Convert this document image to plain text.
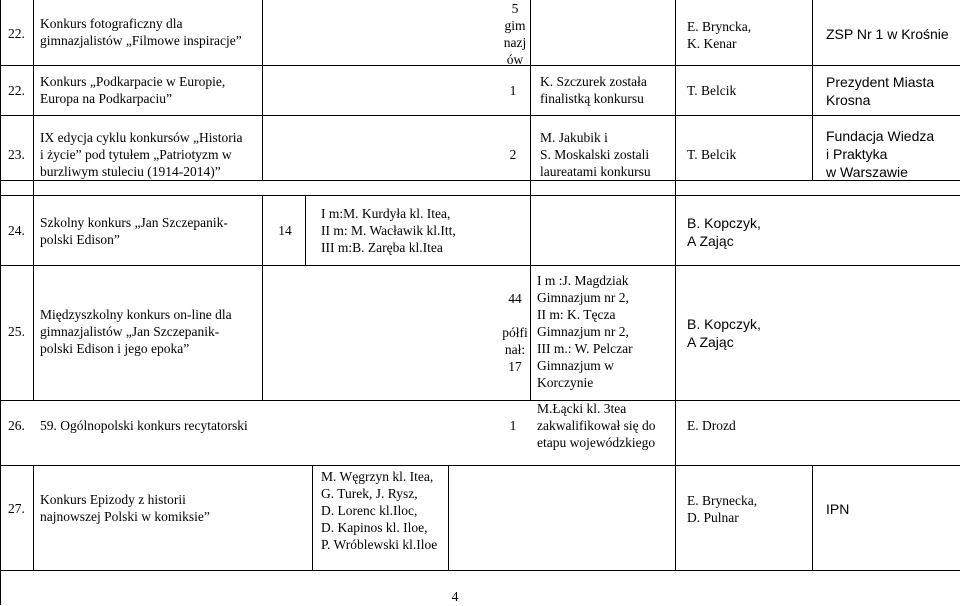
22.
Konkurs fotograficzny dla
gimnazjalistów „Filmowe inspiracje”
5
gim
nazj
ów
E. Bryncka,
K. Kenar
ZSP Nr 1 w Krośnie
22.
Konkurs „Podkarpacie w Europie,
Europa na Podkarpaciu”
1
K. Szczurek została
finalistką konkursu
T. Belcik
Prezydent Miasta
Krosna
23.
IX edycja cyklu konkursów „Historia
i życie” pod tytułem „Patriotyzm w
burzliwym stuleciu (1914-2014)”
2
M. Jakubik i
S. Moskalski zostali
laureatami konkursu
T. Belcik
Fundacja Wiedza
i Praktyka
w Warszawie
24.
Szkolny konkurs „Jan Szczepanik-
polski Edison”
14
I m:M. Kurdyła kl. Itea,
II m: M. Wacławik kl.Itt,
III m:B. Zaręba kl.Itea
B. Kopczyk,
A Zając
25.
Międzyszkolny konkurs on-line dla
gimnazjalistów „Jan Szczepanik-
polski Edison i jego epoka”
44
półfi
nał:
17
I m :J. Magdziak
Gimnazjum nr 2,
II m: K. Tęcza
Gimnazjum nr 2,
III m.: W. Pelczar
Gimnazjum w
Korczynie
B. Kopczyk,
A Zając
26. 59. Ogólnopolski konkurs recytatorski	1
M.Łącki kl. 3tea
zakwalifikował się do
etapu wojewódzkiego
E. Drozd
27.
Konkurs Epizody z historii
najnowszej Polski w komiksie”
M. Węgrzyn kl. Itea,
G. Turek, J. Rysz,
D. Lorenc kl.Iloc,
D. Kapinos kl. Iloe,
P. Wróblewski kl.Iloe
E. Brynecka,
D. Pulnar
IPN
4
